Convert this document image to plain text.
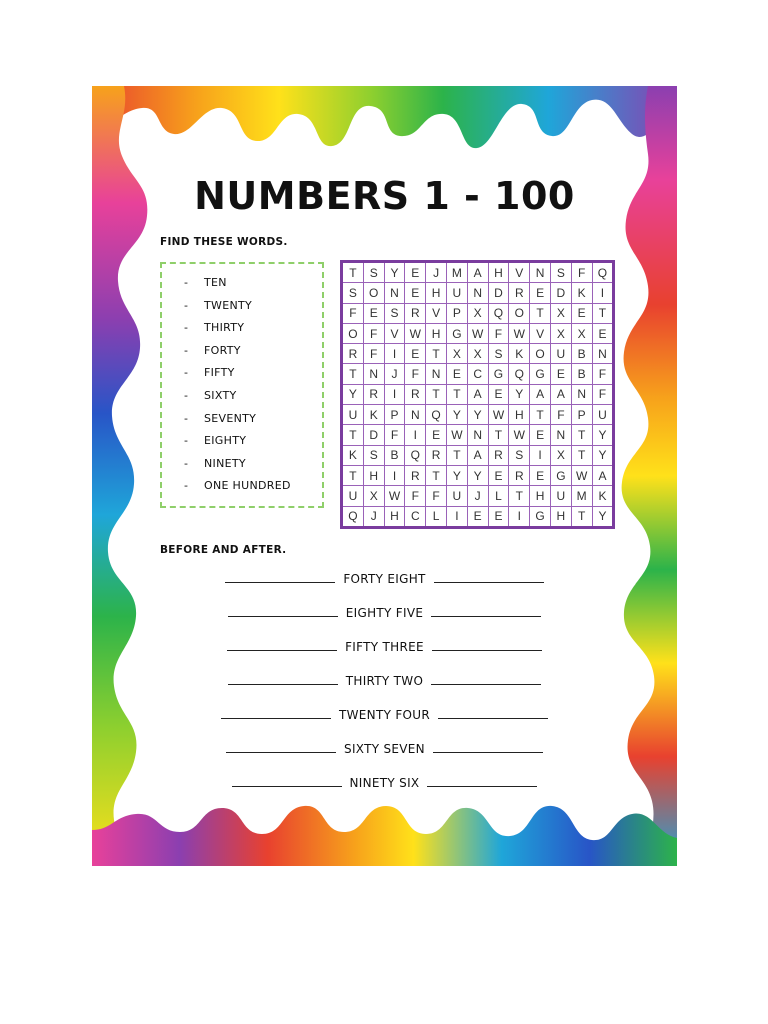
NUMBERS 1 - 100
FIND THESE WORDS.
- TEN
- TWENTY
- THIRTY
- FORTY
- FIFTY
- SIXTY
- SEVENTY
- EIGHTY
- NINETY
- ONE HUNDRED
T	S	Y	E	J	M	A	H	V	N	S	F	Q
S	O	N	E	H	U	N	D	R	E	D	K	I
F	E	S	R	V	P	X	Q	O	T	X	E	T
O	F	V	W	H	G	W	F	W	V	X	X	E
R	F	I	E	T	X	X	S	K	O	U	B	N
T	N	J	F	N	E	C	G	Q	G	E	B	F
Y	R	I	R	T	T	A	E	Y	A	A	N	F
U	K	P	N	Q	Y	Y	W	H	T	F	P	U
T	D	F	I	E	W	N	T	W	E	N	T	Y
K	S	B	Q	R	T	A	R	S	I	X	T	Y
T	H	I	R	T	Y	Y	E	R	E	G	W	A
U	X	W	F	F	U	J	L	T	H	U	M	K
Q	J	H	C	L	I	E	E	I	G	H	T	Y
BEFORE AND AFTER.
FORTY EIGHT
EIGHTY FIVE
FIFTY THREE
THIRTY TWO
TWENTY FOUR
SIXTY SEVEN
NINETY SIX
